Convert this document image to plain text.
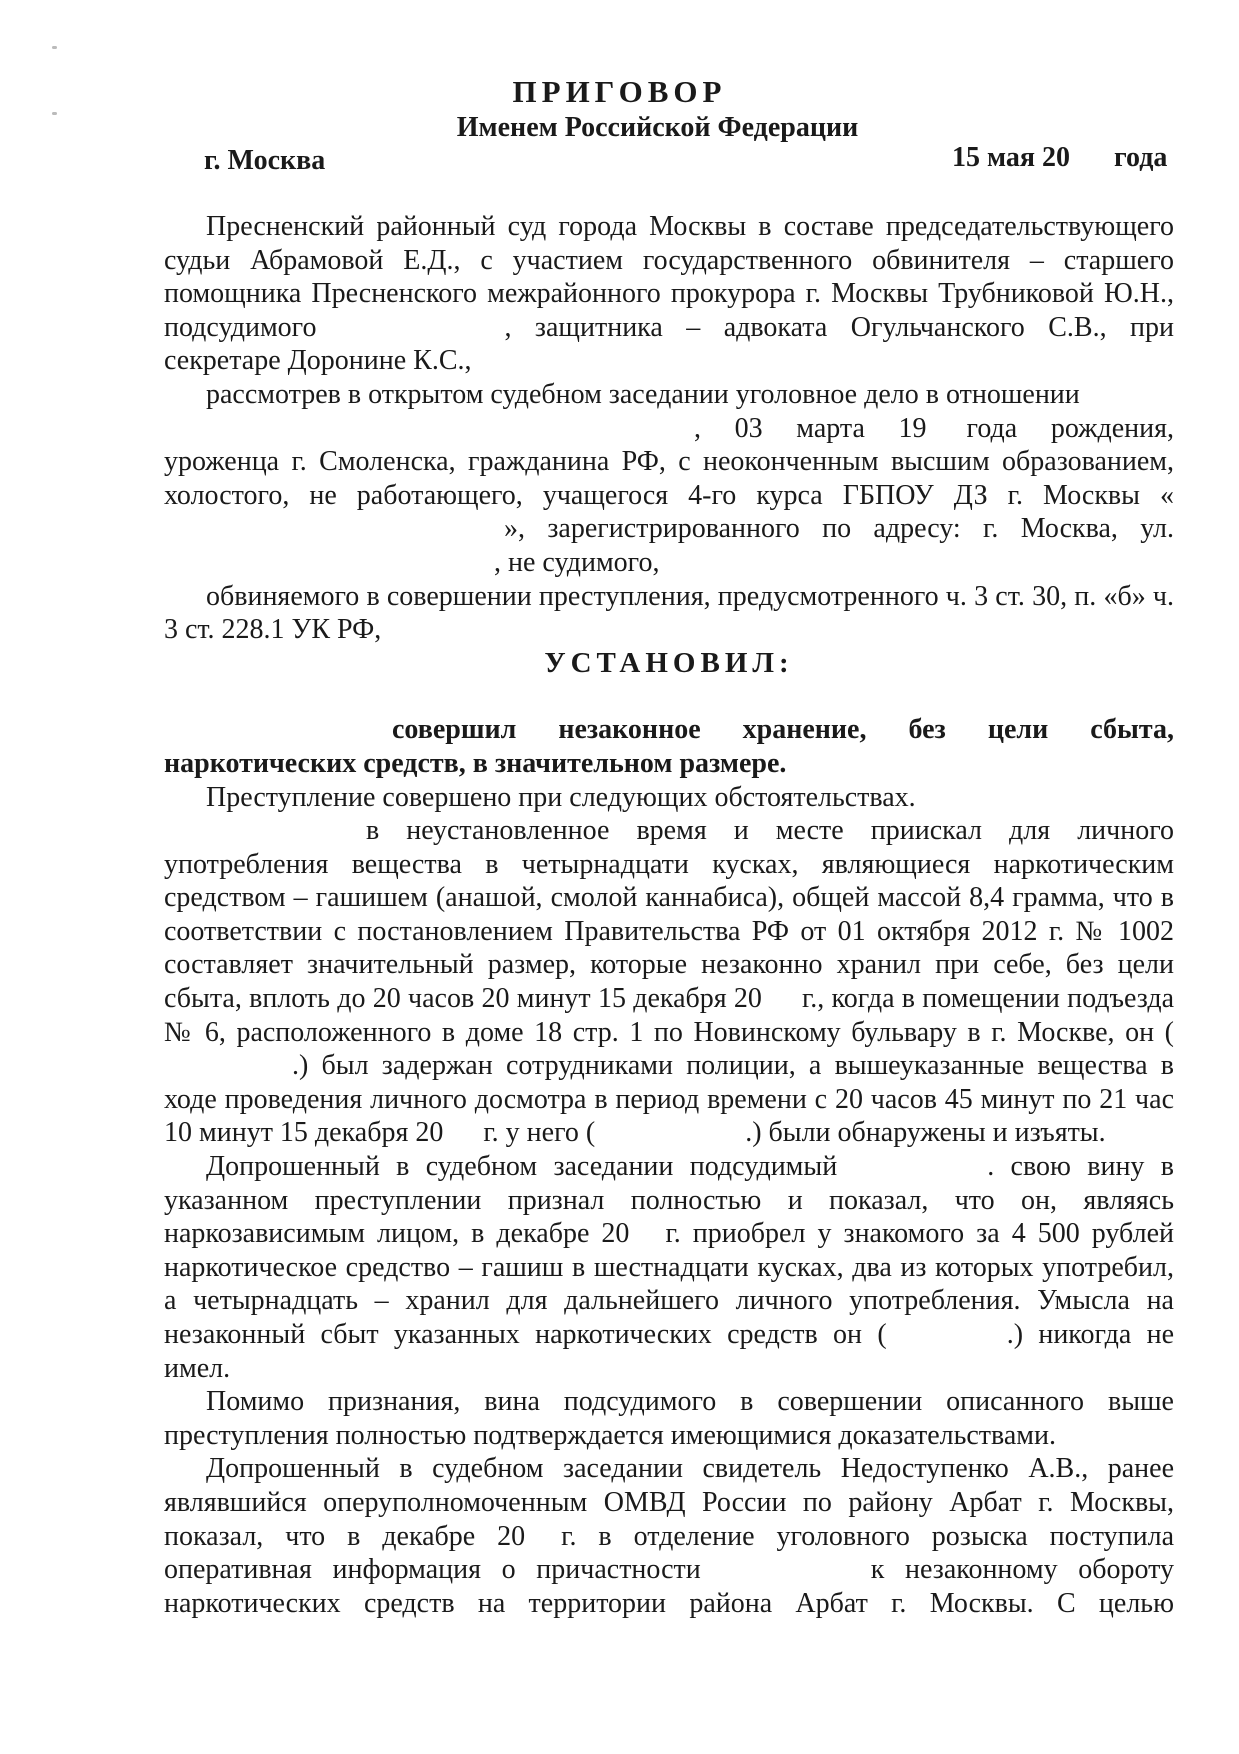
ПРИГОВОР
Именем Российской Федерации
г. Москва	15 мая 20 года

Пресненский районный суд города Москвы в составе председательствующего судьи Абрамовой Е.Д., с участием государственного обвинителя – старшего помощника Пресненского межрайонного прокурора г. Москвы Трубниковой Ю.Н., подсудимого	, защитника – адвоката Огульчанского С.В., при секретаре Доронине К.С.,

рассмотрев в открытом судебном заседании уголовное дело в отношении

, 03 марта 19 года рождения, уроженца г. Смоленска, гражданина РФ, с неоконченным высшим образованием, холостого, не работающего, учащегося 4-го курса ГБПОУ ДЗ г. Москвы «», зарегистрированного по адресу: г. Москва, ул., не судимого,

обвиняемого в совершении преступления, предусмотренного ч. 3 ст. 30, п. «б» ч. 3 ст. 228.1 УК РФ,

УСТАНОВИЛ:

совершил незаконное хранение, без цели сбыта, наркотических средств, в значительном размере.

Преступление совершено при следующих обстоятельствах.

в неустановленное время и месте приискал для личного употребления вещества в четырнадцати кусках, являющиеся наркотическим средством – гашишем (анашой, смолой каннабиса), общей массой 8,4 грамма, что в соответствии с постановлением Правительства РФ от 01 октября 2012 г. № 1002 составляет значительный размер, которые незаконно хранил при себе, без цели сбыта, вплоть до 20 часов 20 минут 15 декабря 20 г., когда в помещении подъезда № 6, расположенного в доме 18 стр. 1 по Новинскому бульвару в г. Москве, он (.) был задержан сотрудниками полиции, а вышеуказанные вещества в ходе проведения личного досмотра в период времени с 20 часов 45 минут по 21 час 10 минут 15 декабря 20 г. у него (	.) были обнаружены и изъяты.

Допрошенный в судебном заседании подсудимый	. свою вину в указанном преступлении признал полностью и показал, что он, являясь наркозависимым лицом, в декабре 20 г. приобрел у знакомого за 4 500 рублей наркотическое средство – гашиш в шестнадцати кусках, два из которых употребил, а четырнадцать – хранил для дальнейшего личного употребления. Умысла на незаконный сбыт указанных наркотических средств он (	.) никогда не имел.

Помимо признания, вина подсудимого в совершении описанного выше преступления полностью подтверждается имеющимися доказательствами.

Допрошенный в судебном заседании свидетель Недоступенко А.В., ранее являвшийся оперуполномоченным ОМВД России по району Арбат г. Москвы, показал, что в декабре 20 г. в отделение уголовного розыска поступила оперативная информация о причастности	к незаконному обороту наркотических средств на территории района Арбат г. Москвы. С целью
